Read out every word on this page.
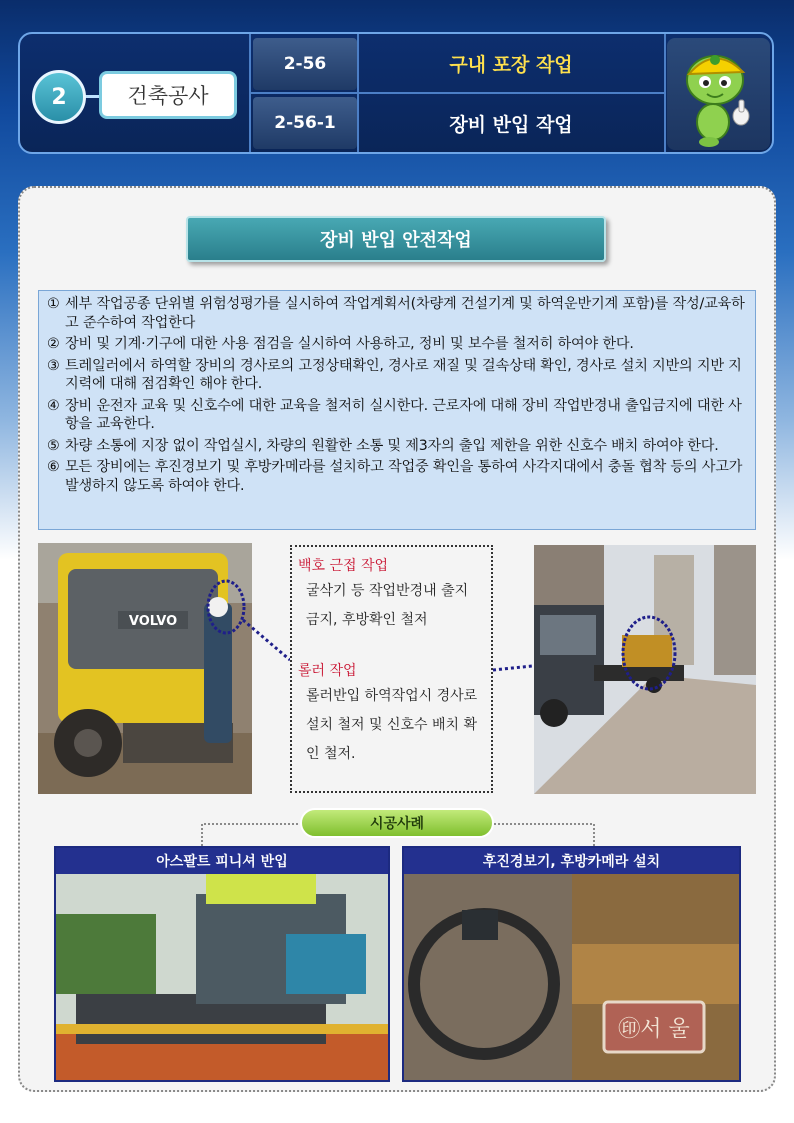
2	건축공사
2-56
2-56-1
구내 포장 작업
장비 반입 작업
장비 반입 안전작업
① 세부 작업공종 단위별 위험성평가를 실시하여 작업계획서(차량계 건설기계 및 하역운반기계 포함)를 작성/교육하고 준수하여 작업한다
② 장비 및 기계·기구에 대한 사용 점검을 실시하여 사용하고, 정비 및 보수를 철저히 하여야 한다.
③ 트레일러에서 하역할 장비의 경사로의 고정상태확인, 경사로 재질 및 걸속상태 확인, 경사로 설치 지반의 지반 지지력에 대해 점검확인 해야 한다.
④ 장비 운전자 교육 및 신호수에 대한 교육을 철저히 실시한다. 근로자에 대해 장비 작업반경내 출입금지에 대한 사항을 교육한다.
⑤ 차량 소통에 지장 없이 작업실시, 차량의 원활한 소통 및 제3자의 출입 제한을 위한 신호수 배치 하여야 한다.
⑥ 모든 장비에는 후진경보기 및 후방카메라를 설치하고 작업중 확인을 통하여 사각지대에서 충돌 협착 등의 사고가 발생하지 않도록 하여야 한다.
VOLVO
백호 근접 작업
굴삭기 등 작업반경내 출지 금지, 후방확인 철저
롤러 작업
롤러반입 하역작업시 경사로 설치 철저 및 신호수 배치 확인 철저.
시공사례
아스팔트 피니셔 반입	후진경보기, 후방카메라 설치
㊞서 울
